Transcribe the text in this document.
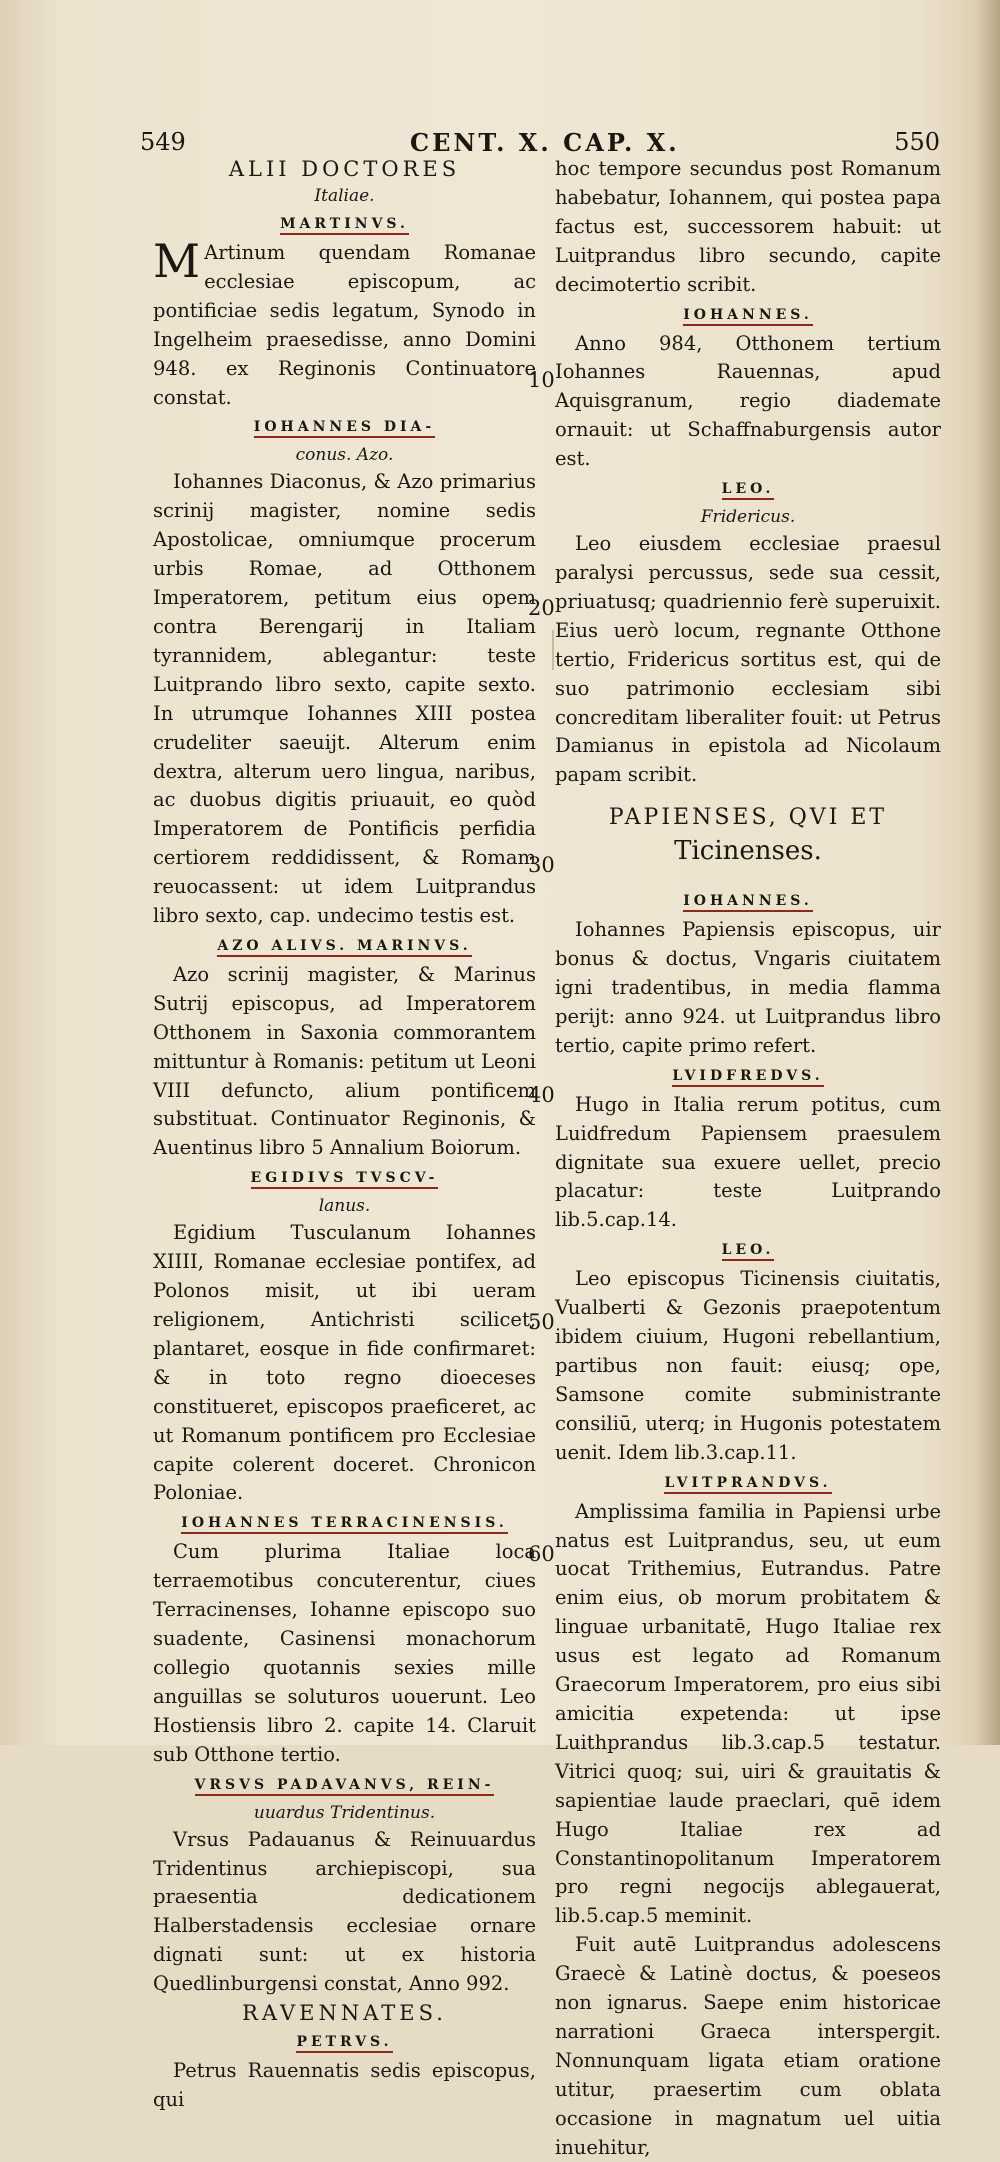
549	CENT. X. CAP. X.	550
10
20
30
40
50
60

ALII DOCTORES

Italiae.

MARTINVS.

M Artinum quendam Romanae ecclesiae episcopum, ac pontificiae sedis legatum, Synodo in Ingelheim praesedisse, anno Domini 948. ex Reginonis Continuatore constat.

IOHANNES DIA-

conus. Azo.

Iohannes Diaconus, & Azo primarius scrinij magister, nomine sedis Apostolicae, omniumque procerum urbis Romae, ad Otthonem Imperatorem, petitum eius opem contra Berengarij in Italiam tyrannidem, ablegantur: teste Luitprando libro sexto, capite sexto. In utrumque Iohannes XIII postea crudeliter saeuijt. Alterum enim dextra, alterum uero lingua, naribus, ac duobus digitis priuauit, eo quòd Imperatorem de Pontificis perfidia certiorem reddidissent, & Romam reuocassent: ut idem Luitprandus libro sexto, cap. undecimo testis est.

AZO ALIVS. MARINVS.

Azo scrinij magister, & Marinus Sutrij episcopus, ad Imperatorem Otthonem in Saxonia commorantem mittuntur à Romanis: petitum ut Leoni VIII defuncto, alium pontificem substituat. Continuator Reginonis, & Auentinus libro 5 Annalium Boiorum.

EGIDIVS TVSCV-

lanus.

Egidium Tusculanum Iohannes XIIII, Romanae ecclesiae pontifex, ad Polonos misit, ut ibi ueram religionem, Antichristi scilicet, plantaret, eosque in fide confirmaret: & in toto regno dioeceses constitueret, episcopos praeficeret, ac ut Romanum pontificem pro Ecclesiae capite colerent doceret. Chronicon Poloniae.

IOHANNES TERRACINENSIS.

Cum plurima Italiae loca terraemotibus concuterentur, ciues Terracinenses, Iohanne episcopo suo suadente, Casinensi monachorum collegio quotannis sexies mille anguillas se soluturos uouerunt. Leo Hostiensis libro 2. capite 14. Claruit sub Otthone tertio.

VRSVS PADAVANVS, REIN-

uuardus Tridentinus.

Vrsus Padauanus & Reinuuardus Tridentinus archiepiscopi, sua praesentia dedicationem Halberstadensis ecclesiae ornare dignati sunt: ut ex historia Quedlinburgensi constat, Anno 992.

RAVENNATES.

PETRVS.

Petrus Rauennatis sedis episcopus, qui

hoc tempore secundus post Romanum habebatur, Iohannem, qui postea papa factus est, successorem habuit: ut Luitprandus libro secundo, capite decimotertio scribit.

IOHANNES.

Anno 984, Otthonem tertium Iohannes Rauennas, apud Aquisgranum, regio diademate ornauit: ut Schaffnaburgensis autor est.

LEO.

Fridericus.

Leo eiusdem ecclesiae praesul paralysi percussus, sede sua cessit, priuatusq; quadriennio ferè superuixit. Eius uerò locum, regnante Otthone tertio, Fridericus sortitus est, qui de suo patrimonio ecclesiam sibi concreditam liberaliter fouit: ut Petrus Damianus in epistola ad Nicolaum papam scribit.

PAPIENSES, QVI ET

Ticinenses.

IOHANNES.

Iohannes Papiensis episcopus, uir bonus & doctus, Vngaris ciuitatem igni tradentibus, in media flamma perijt: anno 924. ut Luitprandus libro tertio, capite primo refert.

LVIDFREDVS.

Hugo in Italia rerum potitus, cum Luidfredum Papiensem praesulem dignitate sua exuere uellet, precio placatur: teste Luitprando lib.5.cap.14.

LEO.

Leo episcopus Ticinensis ciuitatis, Vualberti & Gezonis praepotentum ibidem ciuium, Hugoni rebellantium, partibus non fauit: eiusq; ope, Samsone comite subministrante consiliū, uterq; in Hugonis potestatem uenit. Idem lib.3.cap.11.

LVITPRANDVS.

Amplissima familia in Papiensi urbe natus est Luitprandus, seu, ut eum uocat Trithemius, Eutrandus. Patre enim eius, ob morum probitatem & linguae urbanitatē, Hugo Italiae rex usus est legato ad Romanum Graecorum Imperatorem, pro eius sibi amicitia expetenda: ut ipse Luithprandus lib.3.cap.5 testatur. Vitrici quoq; sui, uiri & grauitatis & sapientiae laude praeclari, quē idem Hugo Italiae rex ad Constantinopolitanum Imperatorem pro regni negocijs ablegauerat, lib.5.cap.5 meminit.

Fuit autē Luitprandus adolescens Graecè & Latinè doctus, & poeseos non ignarus. Saepe enim historicae narrationi Graeca interspergit. Nonnunquam ligata etiam oratione utitur, praesertim cum oblata occasione in magnatum uel uitia inuehitur,
